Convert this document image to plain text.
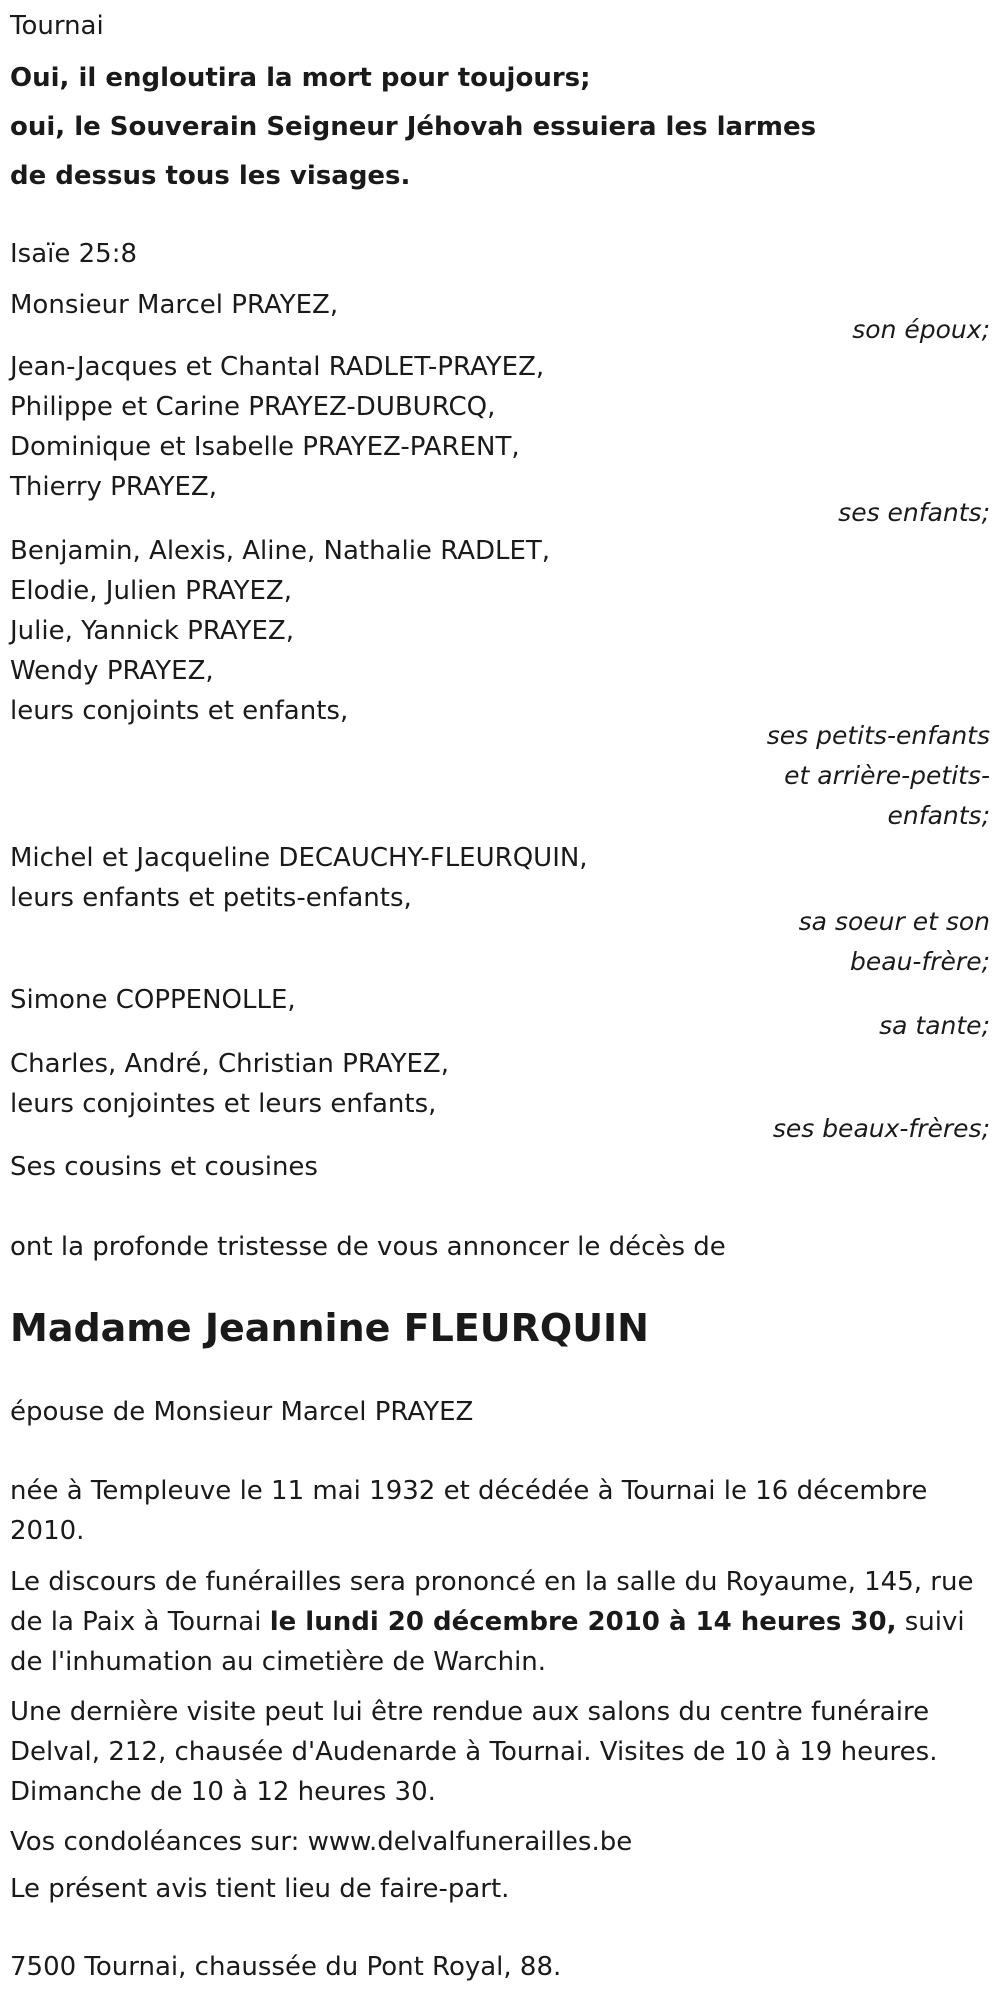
Tournai
Oui, il engloutira la mort pour toujours;
oui, le Souverain Seigneur Jéhovah essuiera les larmes
de dessus tous les visages.
Isaïe 25:8
Monsieur Marcel PRAYEZ,
son époux;
Jean-Jacques et Chantal RADLET-PRAYEZ,
Philippe et Carine PRAYEZ-DUBURCQ,
Dominique et Isabelle PRAYEZ-PARENT,
Thierry PRAYEZ,
ses enfants;
Benjamin, Alexis, Aline, Nathalie RADLET,
Elodie, Julien PRAYEZ,
Julie, Yannick PRAYEZ,
Wendy PRAYEZ,
leurs conjoints et enfants,
ses petits-enfants
et arrière-petits-
enfants;
Michel et Jacqueline DECAUCHY-FLEURQUIN,
leurs enfants et petits-enfants,
sa soeur et son
beau-frère;
Simone COPPENOLLE,
sa tante;
Charles, André, Christian PRAYEZ,
leurs conjointes et leurs enfants,
ses beaux-frères;
Ses cousins et cousines
ont la profonde tristesse de vous annoncer le décès de
Madame Jeannine FLEURQUIN
épouse de Monsieur Marcel PRAYEZ
née à Templeuve le 11 mai 1932 et décédée à Tournai le 16 décembre 2010.
Le discours de funérailles sera prononcé en la salle du Royaume, 145, rue de la Paix à Tournai le lundi 20 décembre 2010 à 14 heures 30, suivi de l'inhumation au cimetière de Warchin.
Une dernière visite peut lui être rendue aux salons du centre funéraire Delval, 212, chausée d'Audenarde à Tournai. Visites de 10 à 19 heures. Dimanche de 10 à 12 heures 30.
Vos condoléances sur: www.delvalfunerailles.be
Le présent avis tient lieu de faire-part.
7500 Tournai, chaussée du Pont Royal, 88.
